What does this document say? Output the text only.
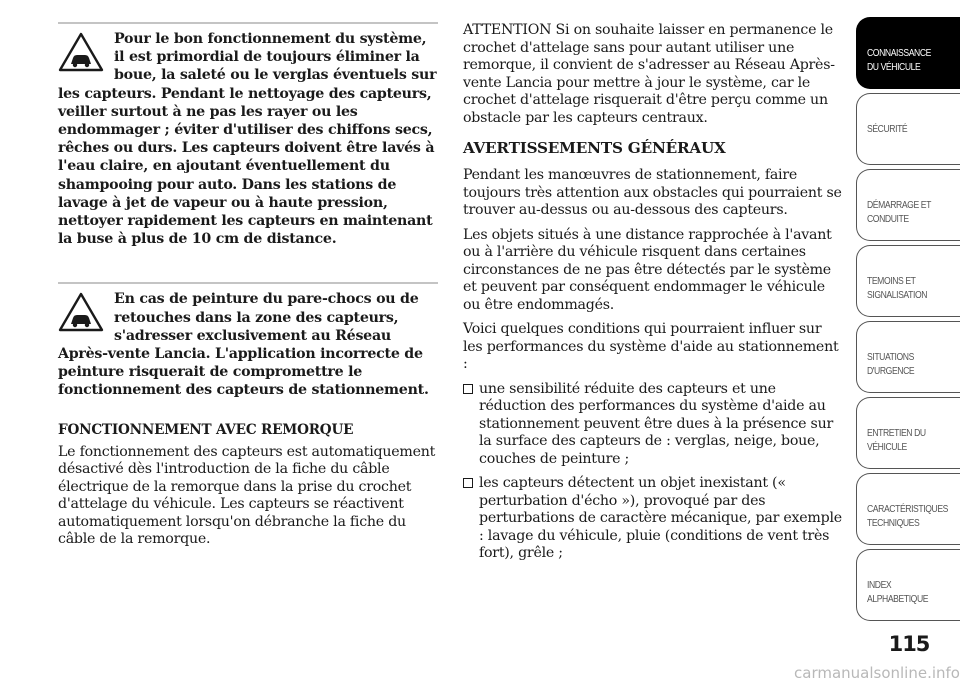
Pour le bon fonctionnement du système, il est primordial de toujours éliminer la boue, la saleté ou le verglas éventuels sur les capteurs. Pendant le nettoyage des capteurs, veiller surtout à ne pas les rayer ou les endommager ; éviter d'utiliser des chiffons secs, rêches ou durs. Les capteurs doivent être lavés à l'eau claire, en ajoutant éventuellement du shampooing pour auto. Dans les stations de lavage à jet de vapeur ou à haute pression, nettoyer rapidement les capteurs en maintenant la buse à plus de 10 cm de distance.

En cas de peinture du pare-chocs ou de retouches dans la zone des capteurs, s'adresser exclusivement au Réseau Après-vente Lancia. L'application incorrecte de peinture risquerait de compromettre le fonctionnement des capteurs de stationnement.

FONCTIONNEMENT AVEC REMORQUE

Le fonctionnement des capteurs est automatiquement désactivé dès l'introduction de la fiche du câble électrique de la remorque dans la prise du crochet d'attelage du véhicule. Les capteurs se réactivent automatiquement lorsqu'on débranche la fiche du câble de la remorque.

ATTENTION Si on souhaite laisser en permanence le crochet d'attelage sans pour autant utiliser une remorque, il convient de s'adresser au Réseau Après-vente Lancia pour mettre à jour le système, car le crochet d'attelage risquerait d'être perçu comme un obstacle par les capteurs centraux.

AVERTISSEMENTS GÉNÉRAUX

Pendant les manœuvres de stationnement, faire toujours très attention aux obstacles qui pourraient se trouver au-dessus ou au-dessous des capteurs.

Les objets situés à une distance rapprochée à l'avant ou à l'arrière du véhicule risquent dans certaines circonstances de ne pas être détectés par le système et peuvent par conséquent endommager le véhicule ou être endommagés.

Voici quelques conditions qui pourraient influer sur les performances du système d'aide au stationnement :

une sensibilité réduite des capteurs et une réduction des performances du système d'aide au stationnement peuvent être dues à la présence sur la surface des capteurs de : verglas, neige, boue, couches de peinture ;
les capteurs détectent un objet inexistant (« perturbation d'écho »), provoqué par des perturbations de caractère mécanique, par exemple : lavage du véhicule, pluie (conditions de vent très fort), grêle ;
CONNAISSANCE DU VÉHICULE
SÉCURITÉ
DÉMARRAGE ET CONDUITE
TEMOINS ET SIGNALISATION
SITUATIONS D'URGENCE
ENTRETIEN DU VÉHICULE
CARACTÉRISTIQUES TECHNIQUES
INDEX ALPHABETIQUE
115
carmanualsonline.info
